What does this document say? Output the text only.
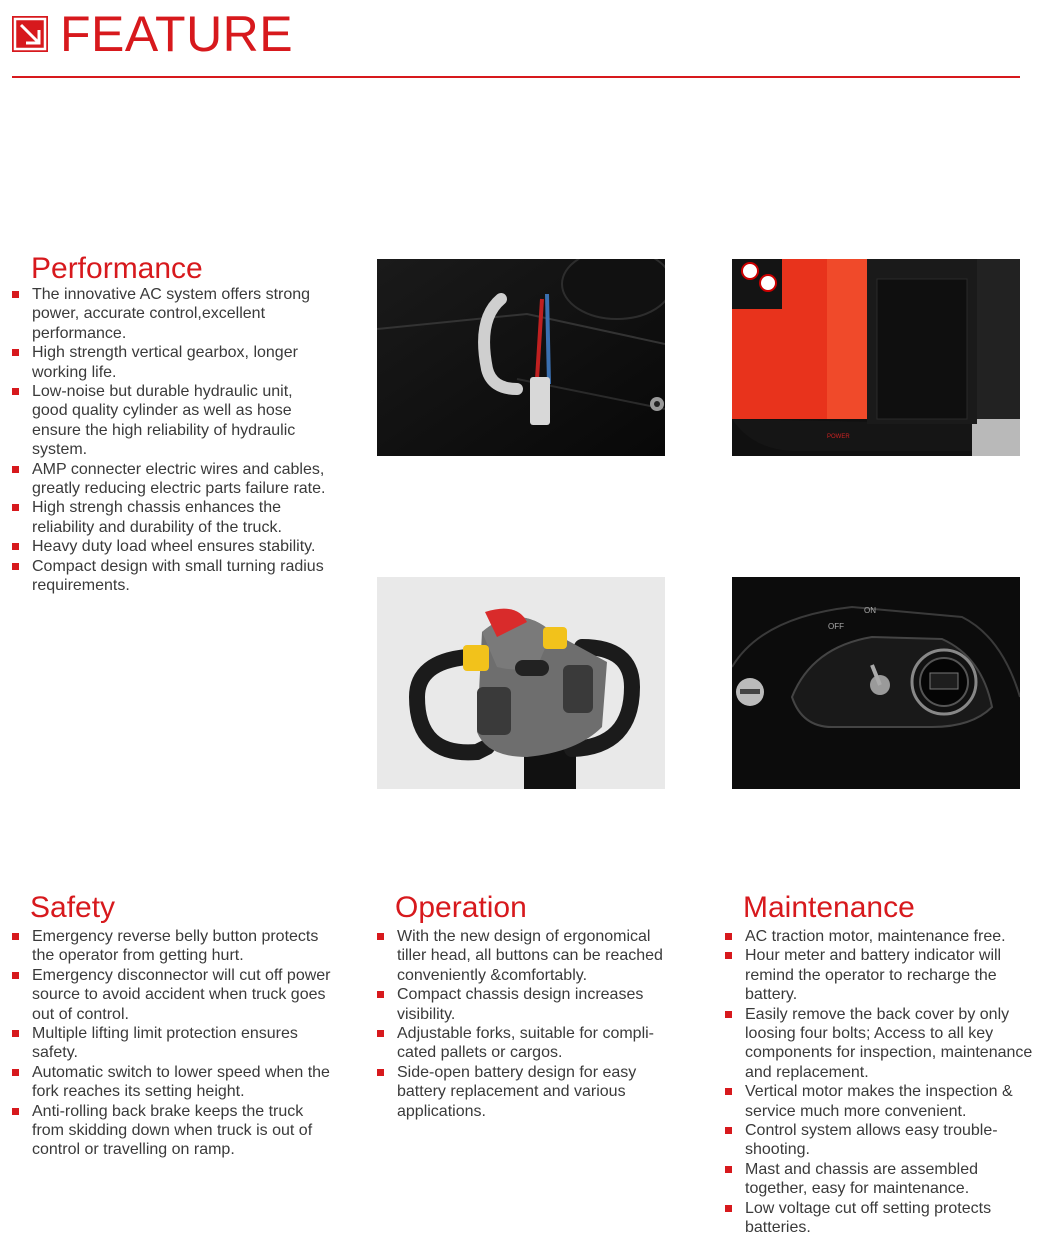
FEATURE
Performance
The innovative AC system offers strong power, accurate control,excellent performance.
High strength vertical gearbox, longer working life.
Low-noise but durable hydraulic unit, good quality cylinder as well as hose ensure the high reliability of hydraulic system.
AMP connecter electric wires and cables, greatly reducing electric parts failure rate.
High strengh chassis enhances the reliability and durability of the truck.
Heavy duty load wheel ensures stability.
Compact design with small turning radius requirements.
POWER
OFF
ON
Safety
Emergency reverse belly button protects the operator from getting hurt.
Emergency disconnector will cut off power source to avoid accident when truck goes out of control.
Multiple lifting limit protection ensures safety.
Automatic switch to lower speed when the fork reaches its setting height.
Anti-rolling back brake keeps the truck from skidding down when truck is out of control or travelling on ramp.
Operation
With the new design of ergonomical tiller head, all buttons can be reached conveniently &comfortably.
Compact chassis design increases visibility.
Adjustable forks, suitable for compli-cated pallets or cargos.
Side-open battery design for easy battery replacement and various applications.
Maintenance
AC traction motor, maintenance free.
Hour meter and battery indicator will remind the operator to recharge the battery.
Easily remove the back cover by only loosing four bolts; Access to all key components for inspection, maintenance and replacement.
Vertical motor makes the inspection & service much more convenient.
Control system allows easy trouble-shooting.
Mast and chassis are assembled together, easy for maintenance.
Low voltage cut off setting protects batteries.
